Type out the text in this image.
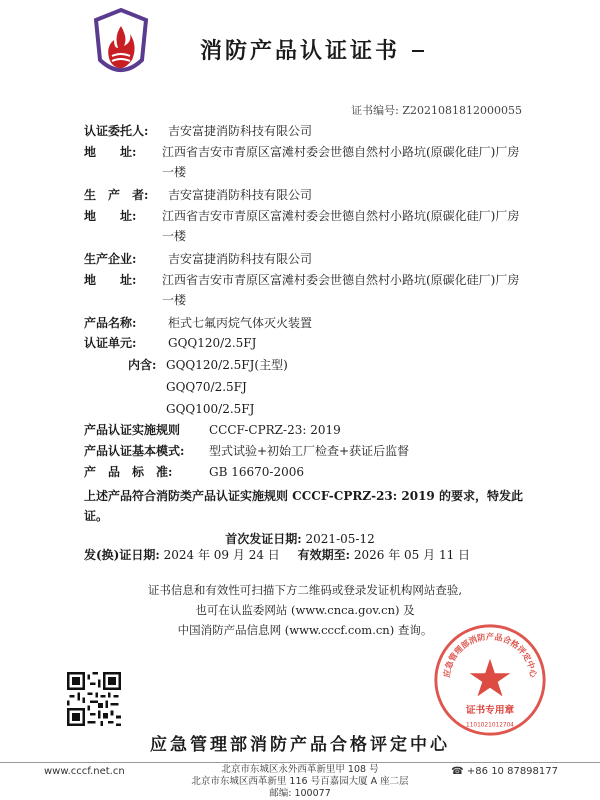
消防产品认证证书
证书编号: Z2021081812000055
认证委托人: 吉安富捷消防科技有限公司
地　　址: 江西省吉安市青原区富滩村委会世德自然村小路坑(原碳化硅厂)厂房一楼
生　产　者: 吉安富捷消防科技有限公司
地　　址: 江西省吉安市青原区富滩村委会世德自然村小路坑(原碳化硅厂)厂房一楼
生产企业:	吉安富捷消防科技有限公司
地　　址: 江西省吉安市青原区富滩村委会世德自然村小路坑(原碳化硅厂)厂房一楼
产品名称:	柜式七氟丙烷气体灭火装置
认证单元:	GQQ120/2.5FJ
内含: GQQ120/2.5FJ(主型)
GQQ70/2.5FJ
GQQ100/2.5FJ
产品认证实施规则 CCCF-CPRZ-23: 2019
产品认证基本模式: 型式试验+初始工厂检查+获证后监督
产　品　标　准:	GB 16670-2006
上述产品符合消防类产品认证实施规则 CCCF-CPRZ-23: 2019 的要求，特发此证。
首次发证日期: 2021-05-12
发(换)证日期: 2024 年 09 月 24 日 有效期至: 2026 年 05 月 11 日
证书信息和有效性可扫描下方二维码或登录发证机构网站查验,
也可在认监委网站 (www.cnca.gov.cn) 及
中国消防产品信息网 (www.cccf.com.cn) 查询。
应急管理部消防产品合格评定中心
证书专用章
1101021012704
应急管理部消防产品合格评定中心
www.cccf.net.cn	北京市东城区永外西革新里甲 108 号
北京市东城区西革新里 116 号百嘉园大厦 A 座二层
邮编: 100077
☎ +86 10 87898177
